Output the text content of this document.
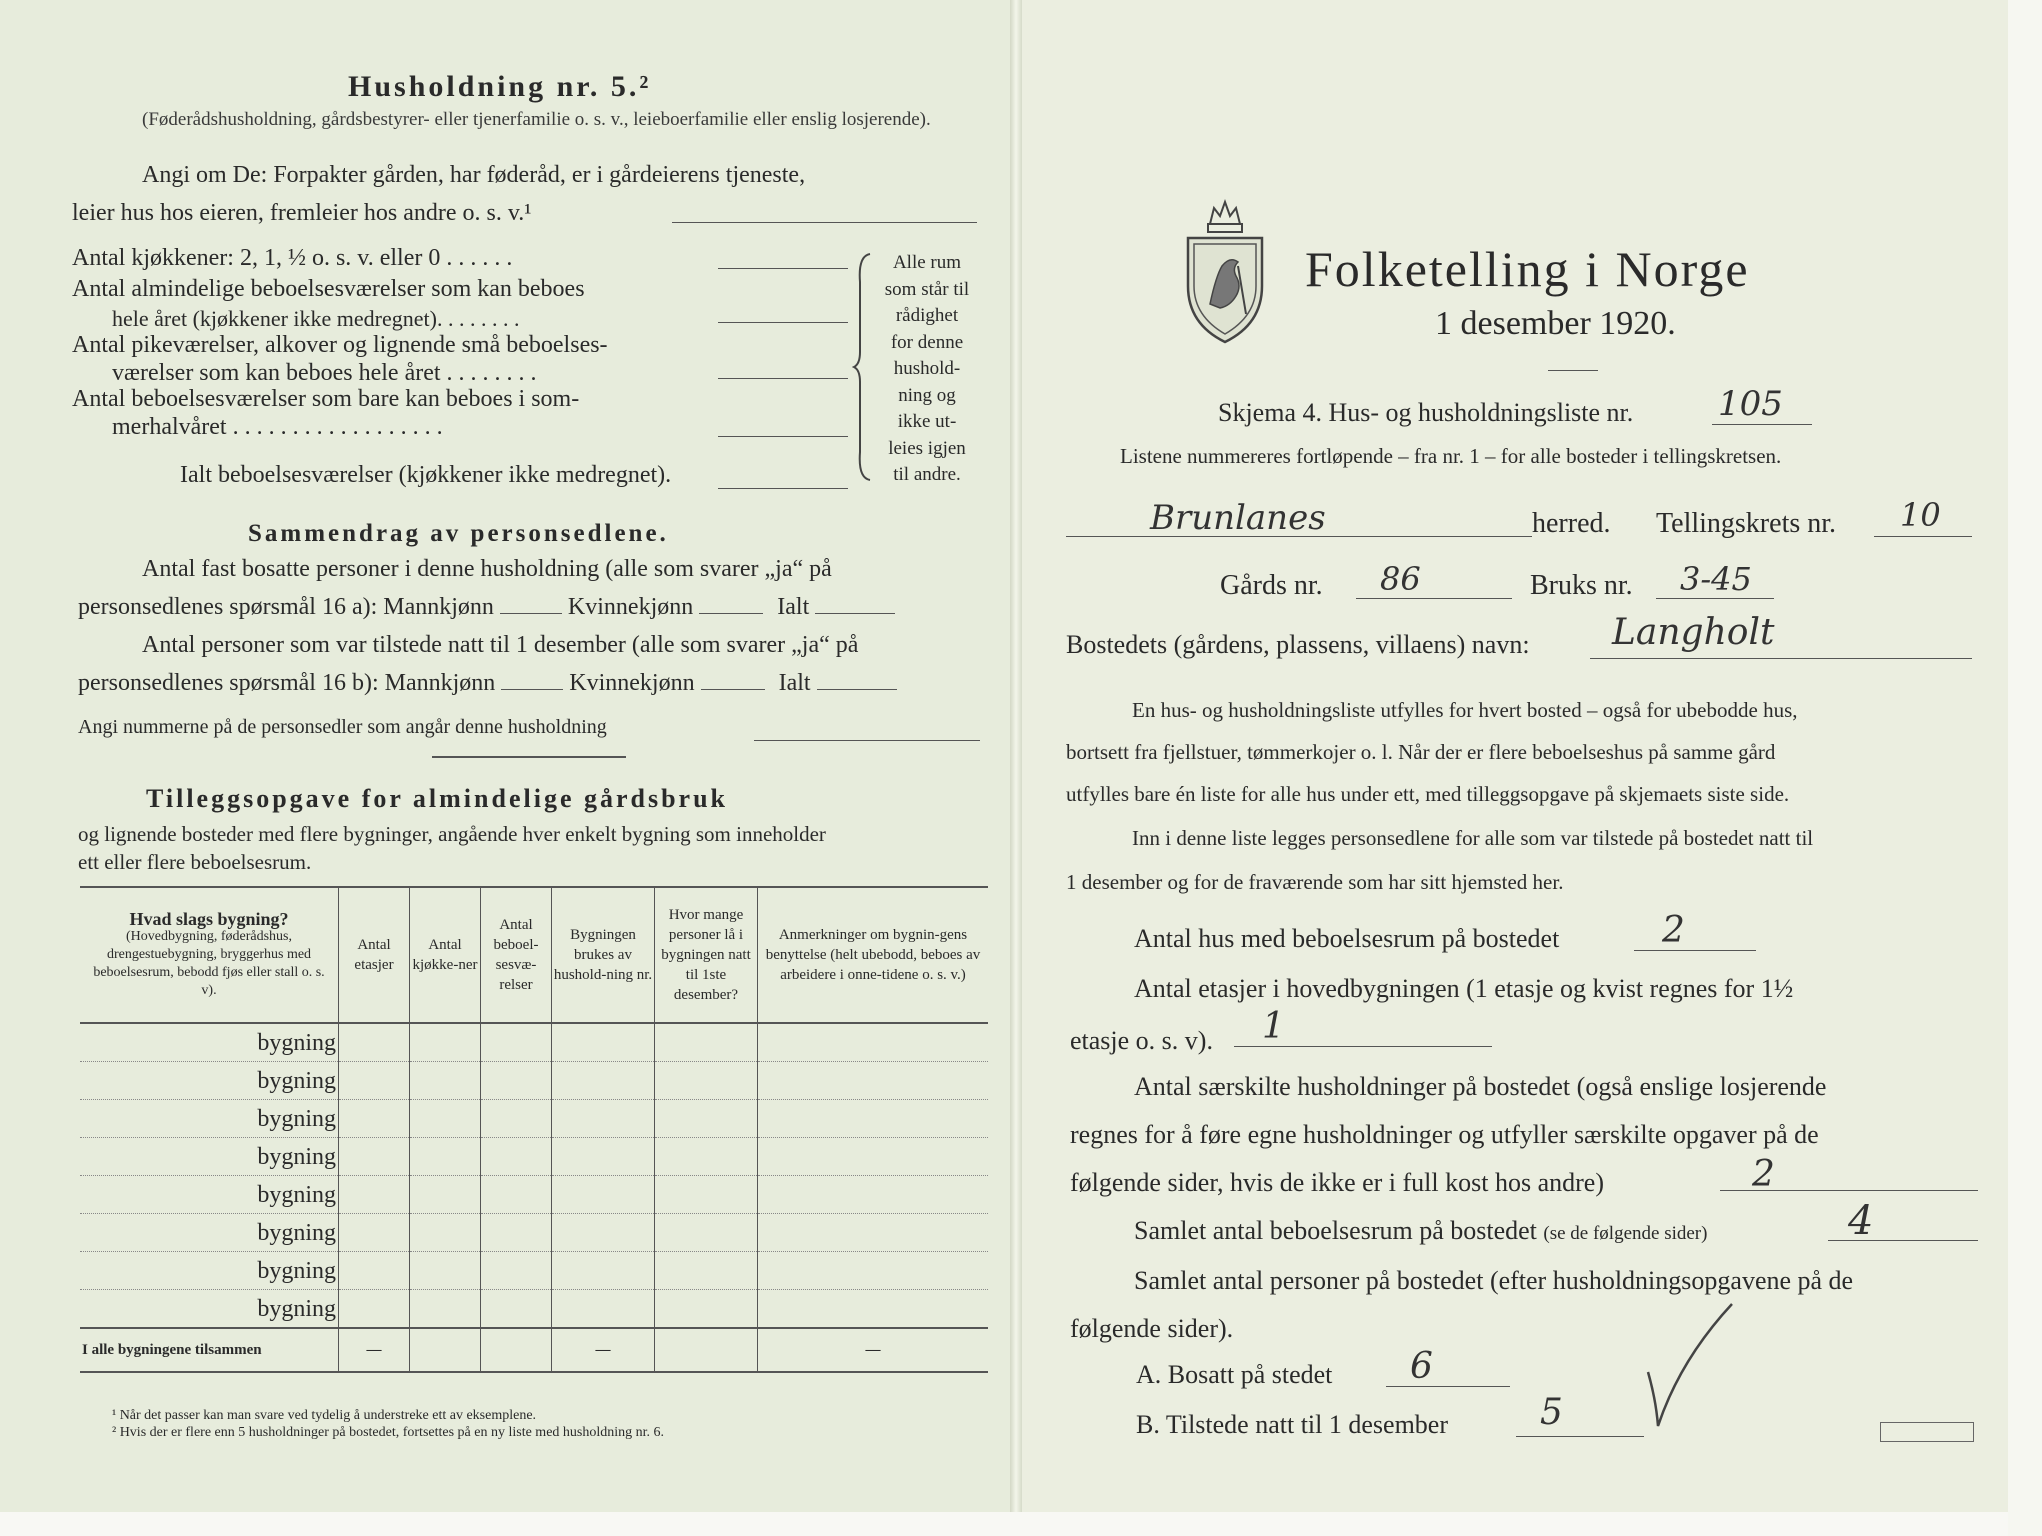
Husholdning nr. 5.²
(Føderådshusholdning, gårdsbestyrer- eller tjenerfamilie o. s. v., leieboerfamilie eller enslig losjerende).
Angi om De: Forpakter gården, har føderåd, er i gårdeierens tjeneste,
leier hus hos eieren, fremleier hos andre o. s. v.¹
Antal kjøkkener: 2, 1, ½ o. s. v. eller 0 . . . . . .
Antal almindelige beboelsesværelser som kan beboes
hele året (kjøkkener ikke medregnet). . . . . . . .
Antal pikeværelser, alkover og lignende små beboelses-
værelser som kan beboes hele året . . . . . . . .
Antal beboelsesværelser som bare kan beboes i som-
merhalvåret . . . . . . . . . . . . . . . . . .
Ialt beboelsesværelser (kjøkkener ikke medregnet).
Alle rum
som står til
rådighet
for denne
hushold-
ning og
ikke ut-
leies igjen
til andre.
Sammendrag av personsedlene.
Antal fast bosatte personer i denne husholdning (alle som svarer „ja“ på
personsedlenes spørsmål 16 a): Mannkjønn	Kvinnekjønn	Ialt
Antal personer som var tilstede natt til 1 desember (alle som svarer „ja“ på
personsedlenes spørsmål 16 b): Mannkjønn	Kvinnekjønn	Ialt
Angi nummerne på de personsedler som angår denne husholdning
Tilleggsopgave for almindelige gårdsbruk
og lignende bosteder med flere bygninger, angående hver enkelt bygning som inneholder
ett eller flere beboelsesrum.
Hvad slags bygning?
(Hovedbygning, føderådshus, drengestuebygning, bryggerhus med beboelsesrum, bebodd fjøs eller stall o. s. v).	Antal etasjer	Antal kjøkke-ner	Antal beboel-sesvæ-relser	Bygningen brukes av hushold-ning nr.	Hvor mange personer lå i bygningen natt til 1ste desember?	Anmerkninger om bygnin-gens benyttelse (helt ubebodd, beboes av arbeidere i onne-tidene o. s. v.)
bygning						
bygning						
bygning						
bygning						
bygning						
bygning						
bygning						
bygning						
I alle bygningene tilsammen	—			—		—
¹ Når det passer kan man svare ved tydelig å understreke ett av eksemplene.
² Hvis der er flere enn 5 husholdninger på bostedet, fortsettes på en ny liste med husholdning nr. 6.
Folketelling i Norge
1 desember 1920.
Skjema 4. Hus- og husholdningsliste nr. 105
Listene nummereres fortløpende – fra nr. 1 – for alle bosteder i tellingskretsen.
Brunlanes	herred. Tellingskrets nr. 10
Gårds nr. 86	Bruks nr. 3-45
Bostedets (gårdens, plassens, villaens) navn: Langholt
En hus- og husholdningsliste utfylles for hvert bosted – også for ubebodde hus,
bortsett fra fjellstuer, tømmerkojer o. l. Når der er flere beboelseshus på samme gård
utfylles bare én liste for alle hus under ett, med tilleggsopgave på skjemaets siste side.
Inn i denne liste legges personsedlene for alle som var tilstede på bostedet natt til
1 desember og for de fraværende som har sitt hjemsted her.
Antal hus med beboelsesrum på bostedet	2
Antal etasjer i hovedbygningen (1 etasje og kvist regnes for 1½
etasje o. s. v). 1
Antal særskilte husholdninger på bostedet (også enslige losjerende
regnes for å føre egne husholdninger og utfyller særskilte opgaver på de
følgende sider, hvis de ikke er i full kost hos andre)	2
Samlet antal beboelsesrum på bostedet (se de følgende sider)	4
Samlet antal personer på bostedet (efter husholdningsopgavene på de
følgende sider).
A. Bosatt på stedet 6
B. Tilstede natt til 1 desember	5
